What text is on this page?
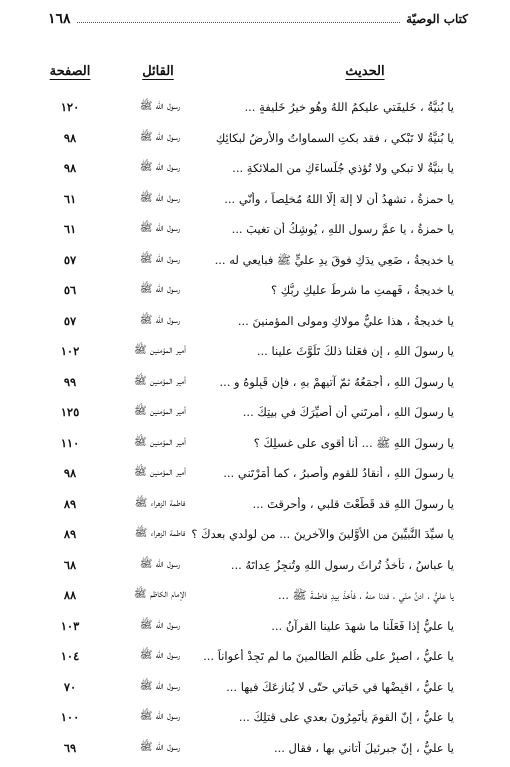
كتاب الوصيّة
١٦٨
الحديث
القائل
الصفحة
يا بُنيَّةُ ، خَليفَتي عليكمُ اللهُ وهُو خيرُ خَليفةٍ ...
رسول الله ﷺ
١٢٠
يا بُنيَّةُ لا تَبْكي ، فقد بكتِ السماواتُ والأرضُ لبكائِكِ
رسول الله ﷺ
٩٨
يا بنيَّةُ لا تبكي ولا تُؤذي جُلَساءَكِ من الملائكةِ ...
رسول الله ﷺ
٩٨
يا حمزةُ ، تشهدُ أن لا إلهَ إلّا اللهُ مُخلِصاً ، وأنّي ...
رسول الله ﷺ
٦١
يا حمزةُ ، يا عمَّ رسولِ اللهِ ، يُوشِكُ أن تغيبَ ...
رسول الله ﷺ
٦١
يا خديجةُ ، ضَعِي يدَكِ فوقَ يدِ عليٍّ ﷺ فبايعي له ...
رسول الله ﷺ
٥٧
يا خديجةُ ، فَهِمتِ ما شرطَ عليكِ ربُّكِ ؟
رسول الله ﷺ
٥٦
يا خديجةُ ، هذا عليٌّ مولاكِ ومولى المؤمنينَ ...
رسول الله ﷺ
٥٧
يا رسولَ اللهِ ، إن فعَلنا ذلكَ تَلَوَّثَ علينا ...
أمير المؤمنين ﷺ
١٠٢
يا رسولَ اللهِ ، أجمَعُهُ ثمّ آتيهمْ بهِ ، فإن قَبِلوهُ و ...
أمير المؤمنين ﷺ
٩٩
يا رسولَ اللهِ ، أمرتَني أن أُصيِّرَكَ في بيتِكَ ...
أمير المؤمنين ﷺ
١٢٥
يا رسولَ اللهِ ﷺ ... أنا أقوى على غسلِكَ ؟
أمير المؤمنين ﷺ
١١٠
يا رسولَ اللهِ ، أنقادُ للقومِ وأصبرُ ، كما أمَرْتَني ...
أمير المؤمنين ﷺ
٩٨
يا رسولَ اللهِ قد قَطَّعْتَ قلبي ، وأحرقتَ ...
فاطمة الزهراء ﷺ
٨٩
يا سيِّدَ النَّبيِّينَ من الأوَّلينَ والآخرينَ ... من لولدي بعدكَ ؟
فاطمة الزهراء ﷺ
٨٩
يا عباسُ ، تأخذُ تُراثَ رسولِ اللهِ وتُنجِزُ عِداتَهُ ...
رسول الله ﷺ
٦٨
يا عليُّ ، ادنُ منّي ، فدنا منهُ ، فأخذَ بيدِ فاطمةَ ﷺ ...
الإمام الكاظم ﷺ
٨٨
يا عليُّ إذا فَعَلْنا ما شهِدَ علينا القرآنُ ...
رسول الله ﷺ
١٠٣
يا عليُّ ، اصبِرْ على ظُلمِ الظالمينَ ما لم تَجِدْ أعواناً ...
رسول الله ﷺ
١٠٤
يا عليُّ ، اقبِضْها في حَياتي حتّى لا يُنازِعَكَ فيها ...
رسول الله ﷺ
٧٠
يا عليُّ ، إنّ القومَ يأتَمِرُونَ بعدي على قتلِكَ ...
رسول الله ﷺ
١٠٠
يا عليُّ ، إنّ جبرئيلَ أتاني بها ، فقال ...
رسول الله ﷺ
٦٩
